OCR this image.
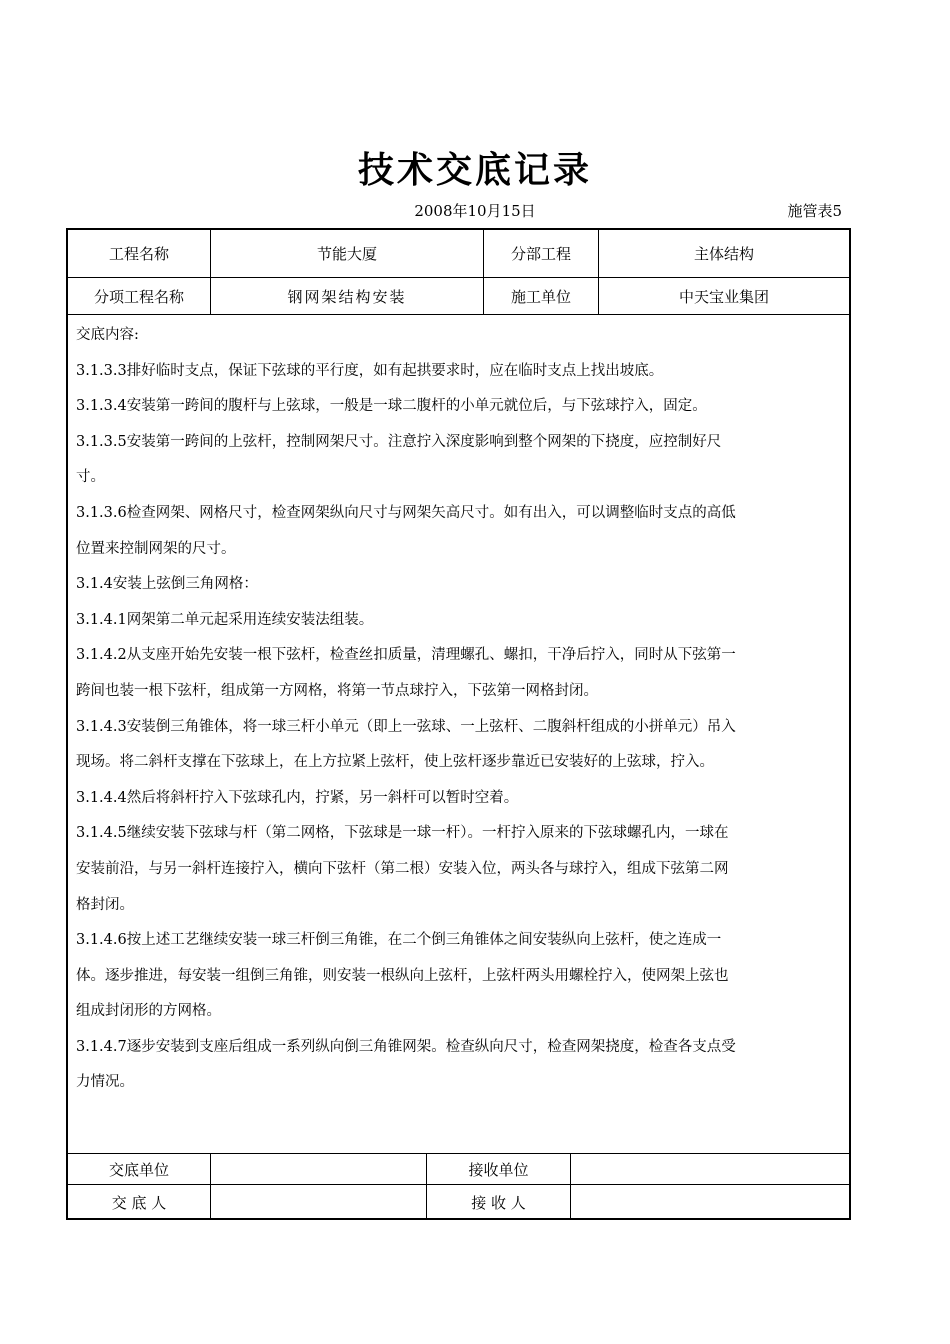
技术交底记录
2008年10月15日	施管表5
工程名称	节能大厦	分部工程	主体结构
分项工程名称	钢网架结构安装	施工单位	中天宝业集团
交底内容:
3.1.3.3排好临时支点，保证下弦球的平行度，如有起拱要求时，应在临时支点上找出坡底。
3.1.3.4安装第一跨间的腹杆与上弦球，一般是一球二腹杆的小单元就位后，与下弦球拧入，固定。
3.1.3.5安装第一跨间的上弦杆，控制网架尺寸。注意拧入深度影响到整个网架的下挠度，应控制好尺
寸。
3.1.3.6检查网架、网格尺寸，检查网架纵向尺寸与网架矢高尺寸。如有出入，可以调整临时支点的高低
位置来控制网架的尺寸。
3.1.4安装上弦倒三角网格：
3.1.4.1网架第二单元起采用连续安装法组装。
3.1.4.2从支座开始先安装一根下弦杆，检查丝扣质量，清理螺孔、螺扣，干净后拧入，同时从下弦第一
跨间也装一根下弦杆，组成第一方网格，将第一节点球拧入，下弦第一网格封闭。
3.1.4.3安装倒三角锥体，将一球三杆小单元（即上一弦球、一上弦杆、二腹斜杆组成的小拼单元）吊入
现场。将二斜杆支撑在下弦球上，在上方拉紧上弦杆，使上弦杆逐步靠近已安装好的上弦球，拧入。
3.1.4.4然后将斜杆拧入下弦球孔内，拧紧，另一斜杆可以暂时空着。
3.1.4.5继续安装下弦球与杆（第二网格，下弦球是一球一杆）。一杆拧入原来的下弦球螺孔内，一球在
安装前沿，与另一斜杆连接拧入，横向下弦杆（第二根）安装入位，两头各与球拧入，组成下弦第二网
格封闭。
3.1.4.6按上述工艺继续安装一球三杆倒三角锥，在二个倒三角锥体之间安装纵向上弦杆，使之连成一
体。逐步推进，每安装一组倒三角锥，则安装一根纵向上弦杆，上弦杆两头用螺栓拧入，使网架上弦也
组成封闭形的方网格。
3.1.4.7逐步安装到支座后组成一系列纵向倒三角锥网架。检查纵向尺寸，检查网架挠度，检查各支点受
力情况。
交底单位	接收单位
交 底 人	接 收 人
